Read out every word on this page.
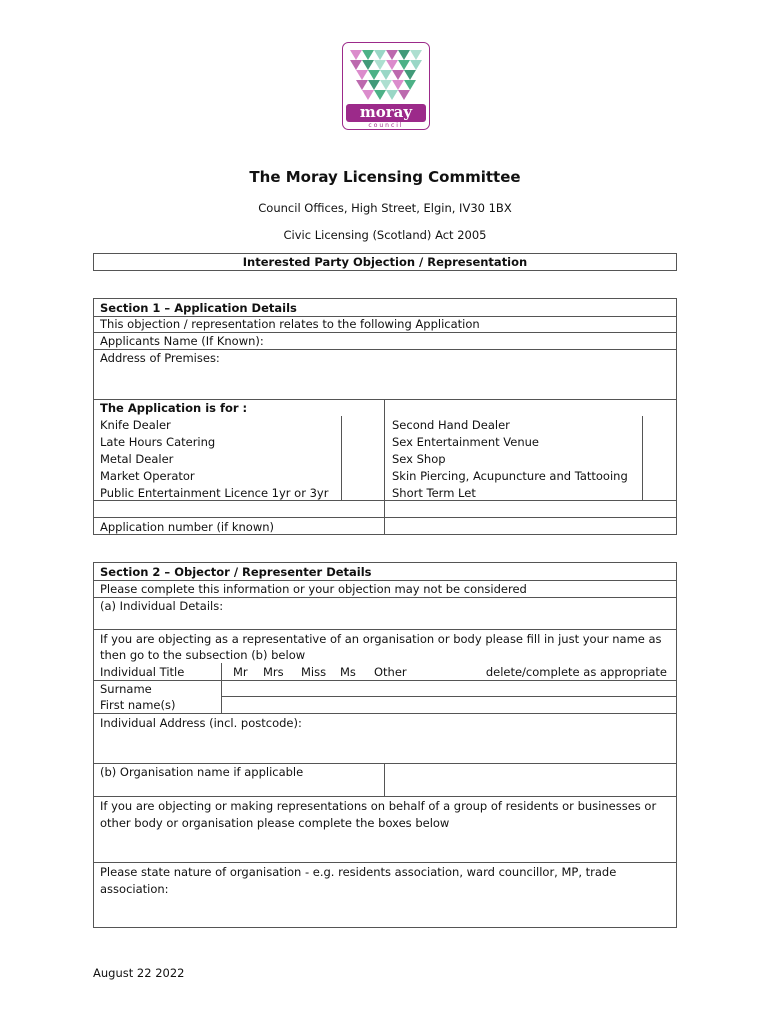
moray
council
The Moray Licensing Committee
Council Offices, High Street, Elgin, IV30 1BX
Civic Licensing (Scotland) Act 2005
Interested Party Objection / Representation
Section 1 – Application Details
This objection / representation relates to the following Application
Applicants Name (If Known):
Address of Premises:
The Application is for :
Knife Dealer
Late Hours Catering
Metal Dealer
Market Operator
Public Entertainment Licence 1yr or 3yr
Second Hand Dealer
Sex Entertainment Venue
Sex Shop
Skin Piercing, Acupuncture and Tattooing
Short Term Let
Application number (if known)
Section 2 – Objector / Representer Details
Please complete this information or your objection may not be considered
(a) Individual Details:
If you are objecting as a representative of an organisation or body please fill in just your name as then go to the subsection (b) below
Individual Title	Mr Mrs Miss Ms Other	delete/complete as appropriate
Surname
First name(s)
Individual Address (incl. postcode):
(b) Organisation name if applicable
If you are objecting or making representations on behalf of a group of residents or businesses or other body or organisation please complete the boxes below
Please state nature of organisation - e.g. residents association, ward councillor, MP, trade association:
August 22 2022
